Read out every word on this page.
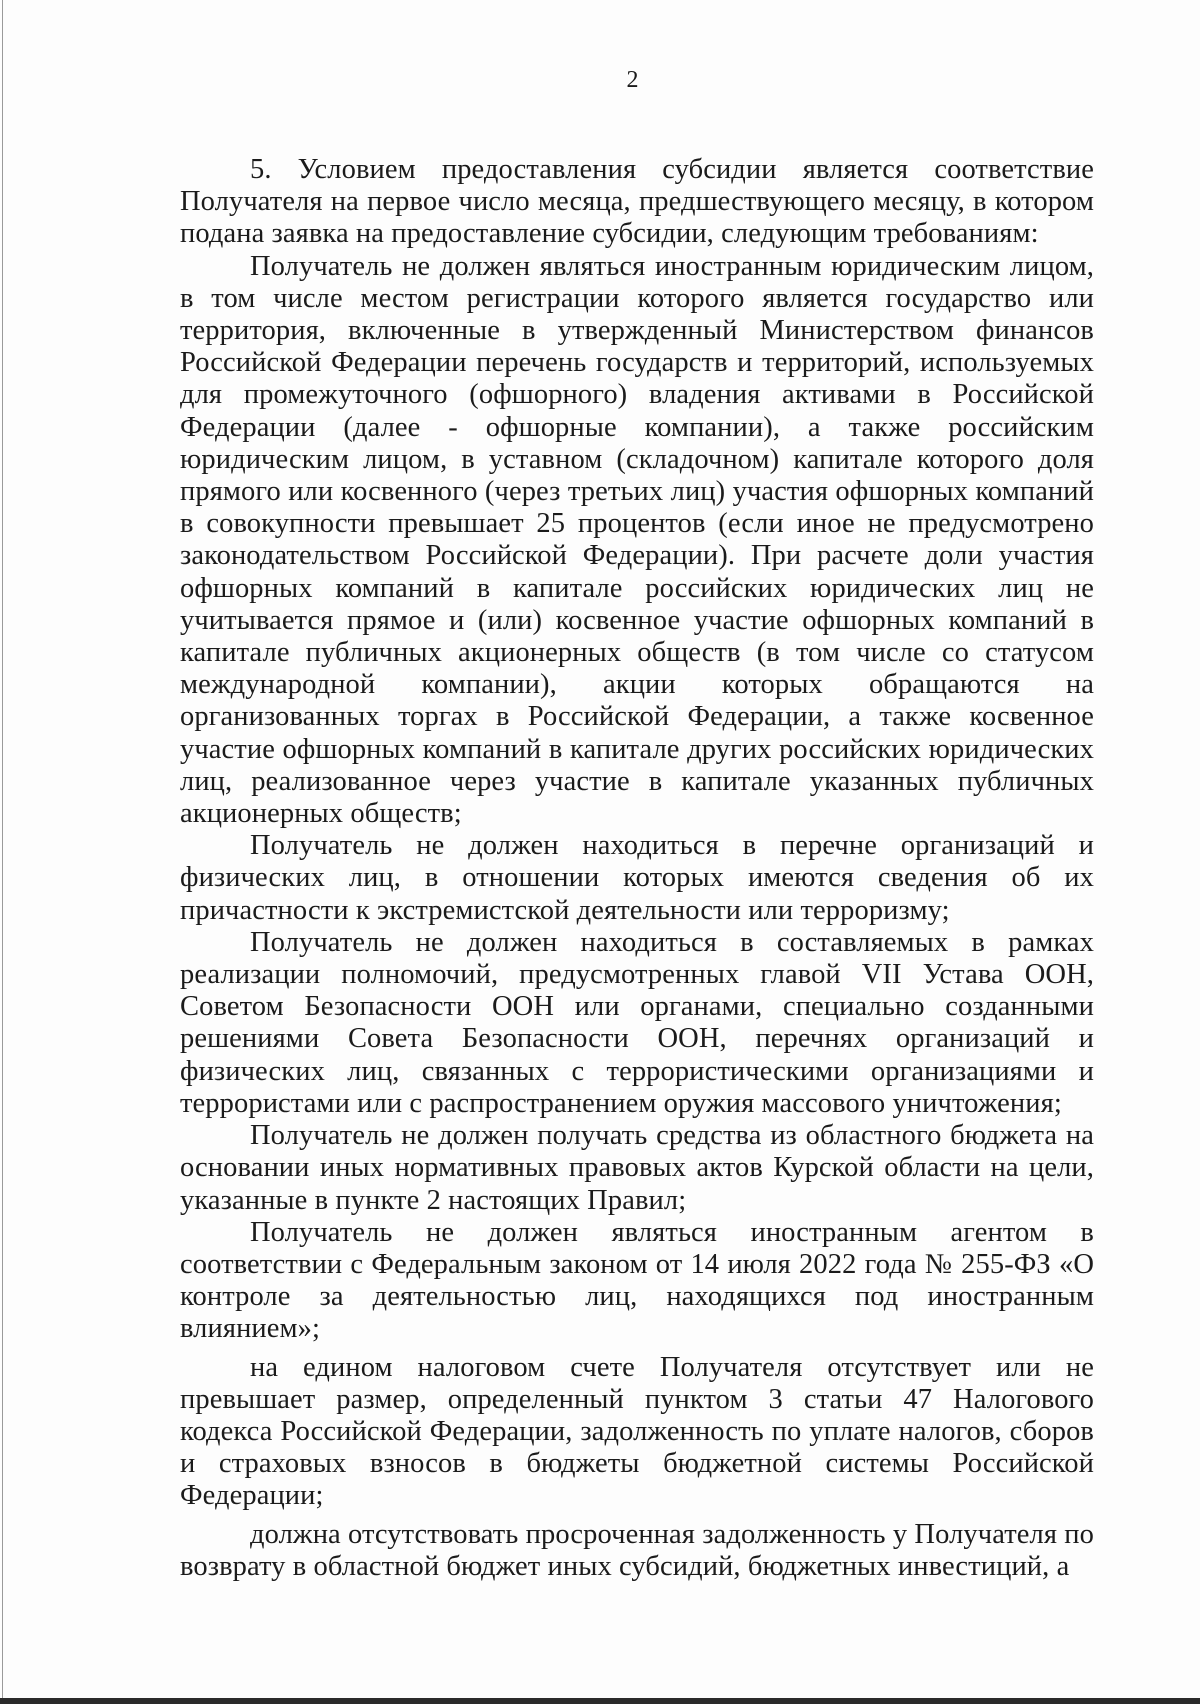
2

5. Условием предоставления субсидии является соответствие Получателя на первое число месяца, предшествующего месяцу, в котором подана заявка на предоставление субсидии, следующим требованиям:

Получатель не должен являться иностранным юридическим лицом, в том числе местом регистрации которого является государство или территория, включенные в утвержденный Министерством финансов Российской Федерации перечень государств и территорий, используемых для промежуточного (офшорного) владения активами в Российской Федерации (далее - офшорные компании), а также российским юридическим лицом, в уставном (складочном) капитале которого доля прямого или косвенного (через третьих лиц) участия офшорных компаний в совокупности превышает 25 процентов (если иное не предусмотрено законодательством Российской Федерации). При расчете доли участия офшорных компаний в капитале российских юридических лиц не учитывается прямое и (или) косвенное участие офшорных компаний в капитале публичных акционерных обществ (в том числе со статусом международной компании), акции которых обращаются на организованных торгах в Российской Федерации, а также косвенное участие офшорных компаний в капитале других российских юридических лиц, реализованное через участие в капитале указанных публичных акционерных обществ;

Получатель не должен находиться в перечне организаций и физических лиц, в отношении которых имеются сведения об их причастности к экстремистской деятельности или терроризму;

Получатель не должен находиться в составляемых в рамках реализации полномочий, предусмотренных главой VII Устава ООН, Советом Безопасности ООН или органами, специально созданными решениями Совета Безопасности ООН, перечнях организаций и физических лиц, связанных с террористическими организациями и террористами или с распространением оружия массового уничтожения;

Получатель не должен получать средства из областного бюджета на основании иных нормативных правовых актов Курской области на цели, указанные в пункте 2 настоящих Правил;

Получатель не должен являться иностранным агентом в соответствии с Федеральным законом от 14 июля 2022 года № 255-ФЗ «О контроле за деятельностью лиц, находящихся под иностранным влиянием»;

на едином налоговом счете Получателя отсутствует или не превышает размер, определенный пунктом 3 статьи 47 Налогового кодекса Российской Федерации, задолженность по уплате налогов, сборов и страховых взносов в бюджеты бюджетной системы Российской Федерации;

должна отсутствовать просроченная задолженность у Получателя по возврату в областной бюджет иных субсидий, бюджетных инвестиций, а
